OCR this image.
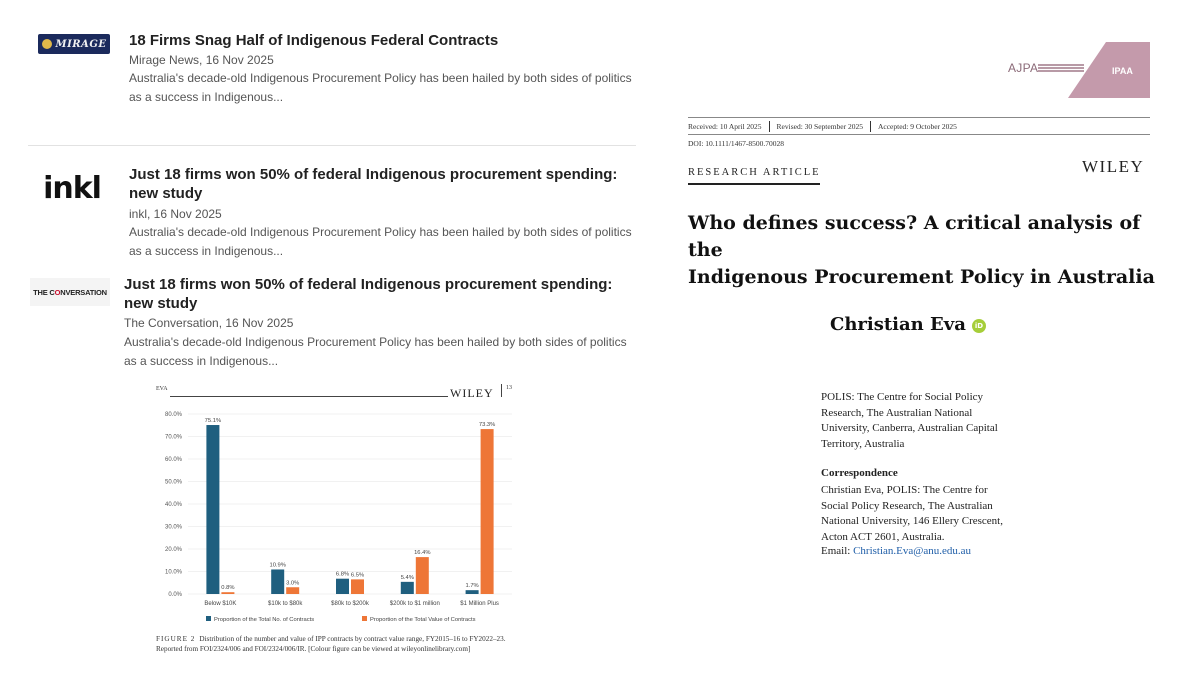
MIRAGE 18 Firms Snag Half of Indigenous Federal Contracts
Mirage News, 16 Nov 2025
Australia's decade-old Indigenous Procurement Policy has been hailed by both sides of politics
as a success in Indigenous...
inkl Just 18 firms won 50% of federal Indigenous procurement spending:
new study
inkl, 16 Nov 2025
Australia's decade-old Indigenous Procurement Policy has been hailed by both sides of politics
as a success in Indigenous...
THE C O NVERSATION Just 18 firms won 50% of federal Indigenous procurement spending:
new study
The Conversation, 16 Nov 2025
Australia's decade-old Indigenous Procurement Policy has been hailed by both sides of politics
as a success in Indigenous...
EVA	WILEY 13
0.0%
10.0%
20.0%
30.0%
40.0%
50.0%
60.0%
70.0%
80.0%
75.1%
0.8%
Below $10K
10.9%
3.0%
$10k to $80k
6.8% 6.5%
$80k to $200k
5.4%
16.4%
$200k to $1 million
1.7%
73.3%
$1 Million Plus
Proportion of the Total No. of Contracts	Proportion of the Total Value of Contracts
FIGURE 2 Distribution of the number and value of IPP contracts by contract value range, FY2015–16 to FY2022–23. Reported from FOI/2324/006 and FOI/2324/006/IR. [Colour figure can be viewed at wileyonlinelibrary.com]
AJPA	IPAA
Received: 10 April 2025	Revised: 30 September 2025	Accepted: 9 October 2025
DOI: 10.1111/1467-8500.70028
RESEARCH ARTICLE	WILEY
Who defines success? A critical analysis of the
Indigenous Procurement Policy in Australia
Christian Eva	iD
POLIS: The Centre for Social Policy
Research, The Australian National
University, Canberra, Australian Capital
Territory, Australia
Correspondence
Christian Eva, POLIS: The Centre for
Social Policy Research, The Australian
National University, 146 Ellery Crescent,
Acton ACT 2601, Australia.
Email: Christian.Eva@anu.edu.au
